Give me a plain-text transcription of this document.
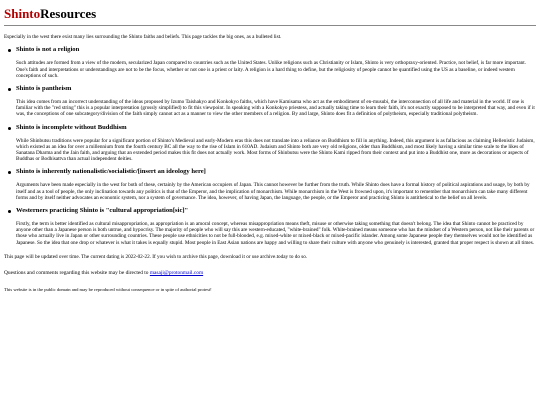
ShintoResources

Especially in the west there exist many lies surrounding the Shinto faiths and beliefs. This page tackles the big ones, as a bulleted list.

Shinto is not a religion
Such attitudes are formed from a view of the modern, secularized Japan compared to countries such as the United States. Unlike religions such as Christianity or Islam, Shinto is very orthopraxy-oriented. Practice, not belief, is far more important. One's faith and interpretations or understandings are not to be the focus, whether or not one is a priest or laity. A religion is a hard thing to define, but the religiosity of people cannot be quantified using the US as a baseline, or indeed western conceptions of such.
Shinto is pantheism
This idea comes from an incorrect understanding of the ideas proposed by Izumo Taishakyo and Konkokyo faiths, which have Kamisama who act as the embodiment of en-musubi, the interconnection of all life and material in the world. If one is familiar with the "red string" this is a popular interpretation (grossly simplified) to fit this viewpoint. In speaking with a Konkokyo priestess, and actually taking time to learn their faith, it's not exactly supposed to be interpreted that way, and even if it was, the conceptions of one subcategory/division of the faith simply cannot act as a manner to view the other members of a religion. By and large, Shinto does fit a definition of polytheism, especially traditional polytheism.
Shinto is incomplete without Buddhism
While Shinbutsu traditions were popular for a significant portion of Shinto's Medieval and early-Modern eras this does not translate into a reliance on Buddhism to fill in anything. Indeed, this argument is as fallacious as claiming Hellenistic Judaism, which existed as an idea for over a millennium from the fourth century BC all the way to the rise of Islam in 610AD. Judaism and Shinto both are very old religions, older than Buddhism, and most likely having a similar time scale to the likes of Sanatana Dharma and the Jain faith, and arguing that an extended period makes this fit does not actually work. Most forms of Shinbutsu were the Shinto Kami ripped from their context and put into a Buddhist one, more as decorations or aspects of Buddhas or Bodhisattva than actual independent deities.
Shinto is inherently nationalistic/socialistic/[insert an ideology here]
Arguments have been made especially in the west for both of these, certainly by the American occupiers of Japan. This cannot however be further from the truth. While Shinto does have a formal history of political aspirations and usage, by both by itself and as a tool of people, the only inclination towards any politics is that of the Emperor, and the implication of monarchism. While monarchism in the West is frowned upon, it's important to remember that monarchism can take many different forms and by itself neither advocates an economic system, nor a system of governance. The idea, however, of having Japan, the language, the people, or the Emperor and practicing Shinto is antithetical to the belief on all levels.
Westerners practicing Shinto is "cultural appropriation[sic]"
Firstly, the term is better identified as cultural misappropriation, as appropriation is an amoral concept, whereas misappropriation means theft, misuse or otherwise taking something that doesn't belong. The idea that Shinto cannot be practiced by anyone other than a Japanese person is both untrue, and hypocrisy. The majority of people who will say this are western-educated, "white-brained" folk. White-brained means someone who has the mindset of a Western person, not like their parents or those who actually live in Japan or other surrounding countries. These people use ethnicities to not be full-blooded, e.g. mixed-white or mixed-black or mixed-pacific islander. Among some Japanese people they themselves would not be identified as Japanese. So the idea that one drop or whatever is what it takes is equally stupid. Most people in East Asian nations are happy and willing to share their culture with anyone who genuinely is interested, granted that proper respect is shown at all times.

This page will be updated over time. The current dating is 2022-02-22. If you wish to archive this page, download it or use archive.today to do so.

Questions and comments regarding this website may be directed to masaji@protonmail.com

This website is in the public domain and may be reproduced without consequence or in spite of authorial protest!
